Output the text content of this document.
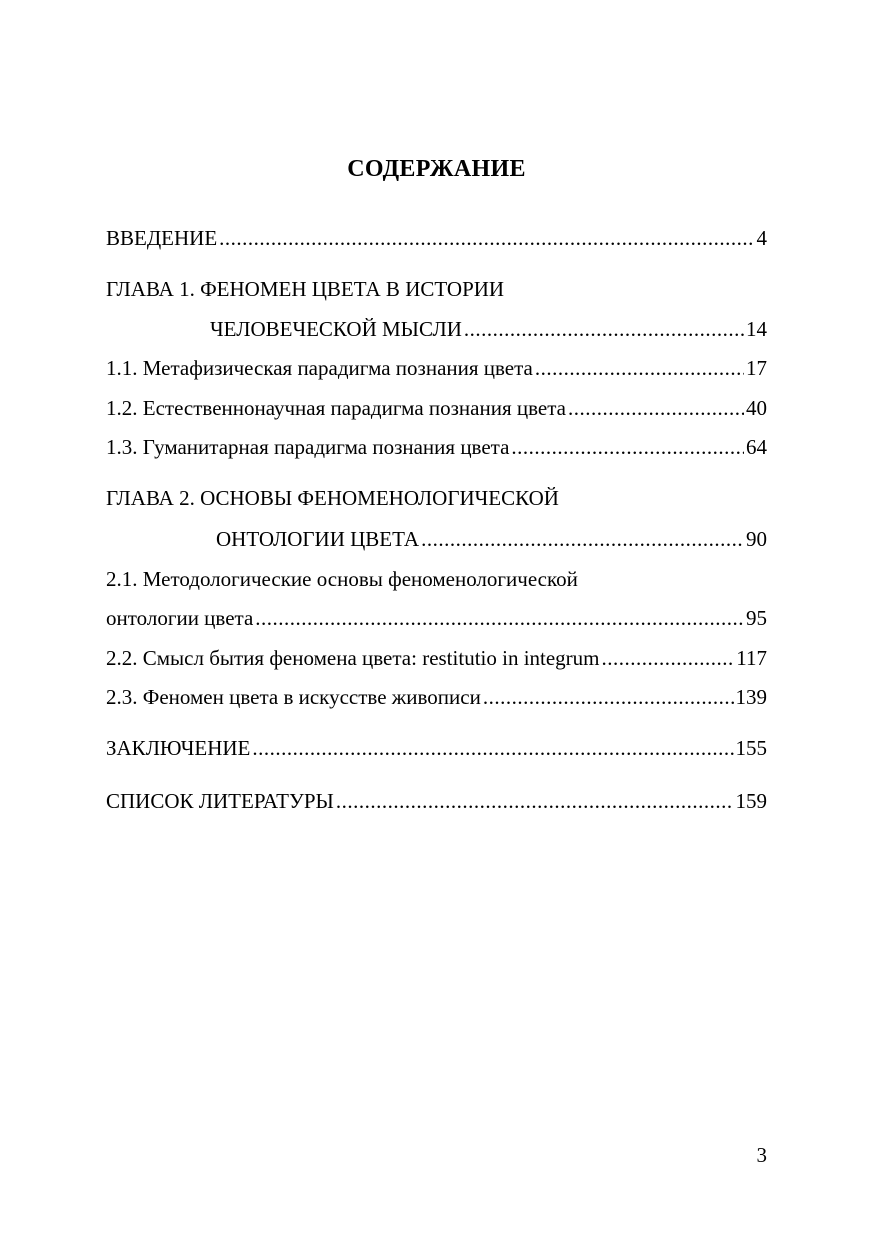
СОДЕРЖАНИЕ
ВВЕДЕНИЕ .....	4
ГЛАВА 1. ФЕНОМЕН ЦВЕТА В ИСТОРИИ
ЧЕЛОВЕЧЕСКОЙ МЫСЛИ .....	14
1.1. Метафизическая парадигма познания цвета .....	17
1.2. Естественнонаучная парадигма познания цвета .....	40
1.3. Гуманитарная парадигма познания цвета .....	64
ГЛАВА 2. ОСНОВЫ ФЕНОМЕНОЛОГИЧЕСКОЙ
ОНТОЛОГИИ ЦВЕТА .....	90
2.1. Методологические основы феноменологической
онтологии цвета .....	95
2.2. Смысл бытия феномена цвета: restitutio in integrum .....	117
2.3. Феномен цвета в искусстве живописи .....	139
ЗАКЛЮЧЕНИЕ .....	155
СПИСОК ЛИТЕРАТУРЫ .....	159
3
